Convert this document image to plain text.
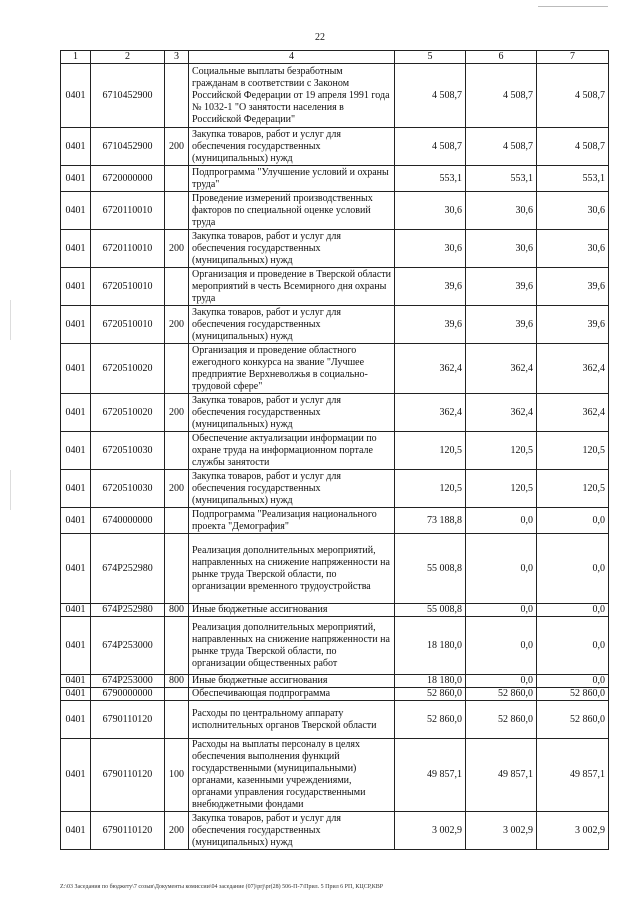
22
1	2	3	4	5	6	7
0401	6710452900		Социальные выплаты безработным гражданам в соответствии с Законом Российской Федерации от 19 апреля 1991 года № 1032-1 "О занятости населения в Российской Федерации"	4 508,7	4 508,7	4 508,7
0401	6710452900	200	Закупка товаров, работ и услуг для обеспечения государственных (муниципальных) нужд	4 508,7	4 508,7	4 508,7
0401	6720000000		Подпрограмма "Улучшение условий и охраны труда"	553,1	553,1	553,1
0401	6720110010		Проведение измерений производственных факторов по специальной оценке условий труда	30,6	30,6	30,6
0401	6720110010	200	Закупка товаров, работ и услуг для обеспечения государственных (муниципальных) нужд	30,6	30,6	30,6
0401	6720510010		Организация и проведение в Тверской области мероприятий в честь Всемирного дня охраны труда	39,6	39,6	39,6
0401	6720510010	200	Закупка товаров, работ и услуг для обеспечения государственных (муниципальных) нужд	39,6	39,6	39,6
0401	6720510020		Организация и проведение областного ежегодного конкурса на звание "Лучшее предприятие Верхневолжья в социально-трудовой сфере"	362,4	362,4	362,4
0401	6720510020	200	Закупка товаров, работ и услуг для обеспечения государственных (муниципальных) нужд	362,4	362,4	362,4
0401	6720510030		Обеспечение актуализации информации по охране труда на информационном портале службы занятости	120,5	120,5	120,5
0401	6720510030	200	Закупка товаров, работ и услуг для обеспечения государственных (муниципальных) нужд	120,5	120,5	120,5
0401	6740000000		Подпрограмма "Реализация национального проекта "Демография"	73 188,8	0,0	0,0
0401	674P252980		Реализация дополнительных мероприятий, направленных на снижение напряженности на рынке труда Тверской области, по организации временного трудоустройства	55 008,8	0,0	0,0
0401	674P252980	800	Иные бюджетные ассигнования	55 008,8	0,0	0,0
0401	674P253000		Реализация дополнительных мероприятий, направленных на снижение напряженности на рынке труда Тверской области, по организации общественных работ	18 180,0	0,0	0,0
0401	674P253000	800	Иные бюджетные ассигнования	18 180,0	0,0	0,0
0401	6790000000		Обеспечивающая подпрограмма	52 860,0	52 860,0	52 860,0
0401	6790110120		Расходы по центральному аппарату исполнительных органов Тверской области	52 860,0	52 860,0	52 860,0
0401	6790110120	100	Расходы на выплаты персоналу в целях обеспечения выполнения функций государственными (муниципальными) органами, казенными учреждениями, органами управления государственными внебюджетными фондами	49 857,1	49 857,1	49 857,1
0401	6790110120	200	Закупка товаров, работ и услуг для обеспечения государственных (муниципальных) нужд	3 002,9	3 002,9	3 002,9
Z:\03 Заседания по бюджету\7 созыв\Документы комиссии\04 заседание (07)\prj\pr(28) 506-П-7\Прил. 5 Прил 6 РП, КЦСР,КВР
